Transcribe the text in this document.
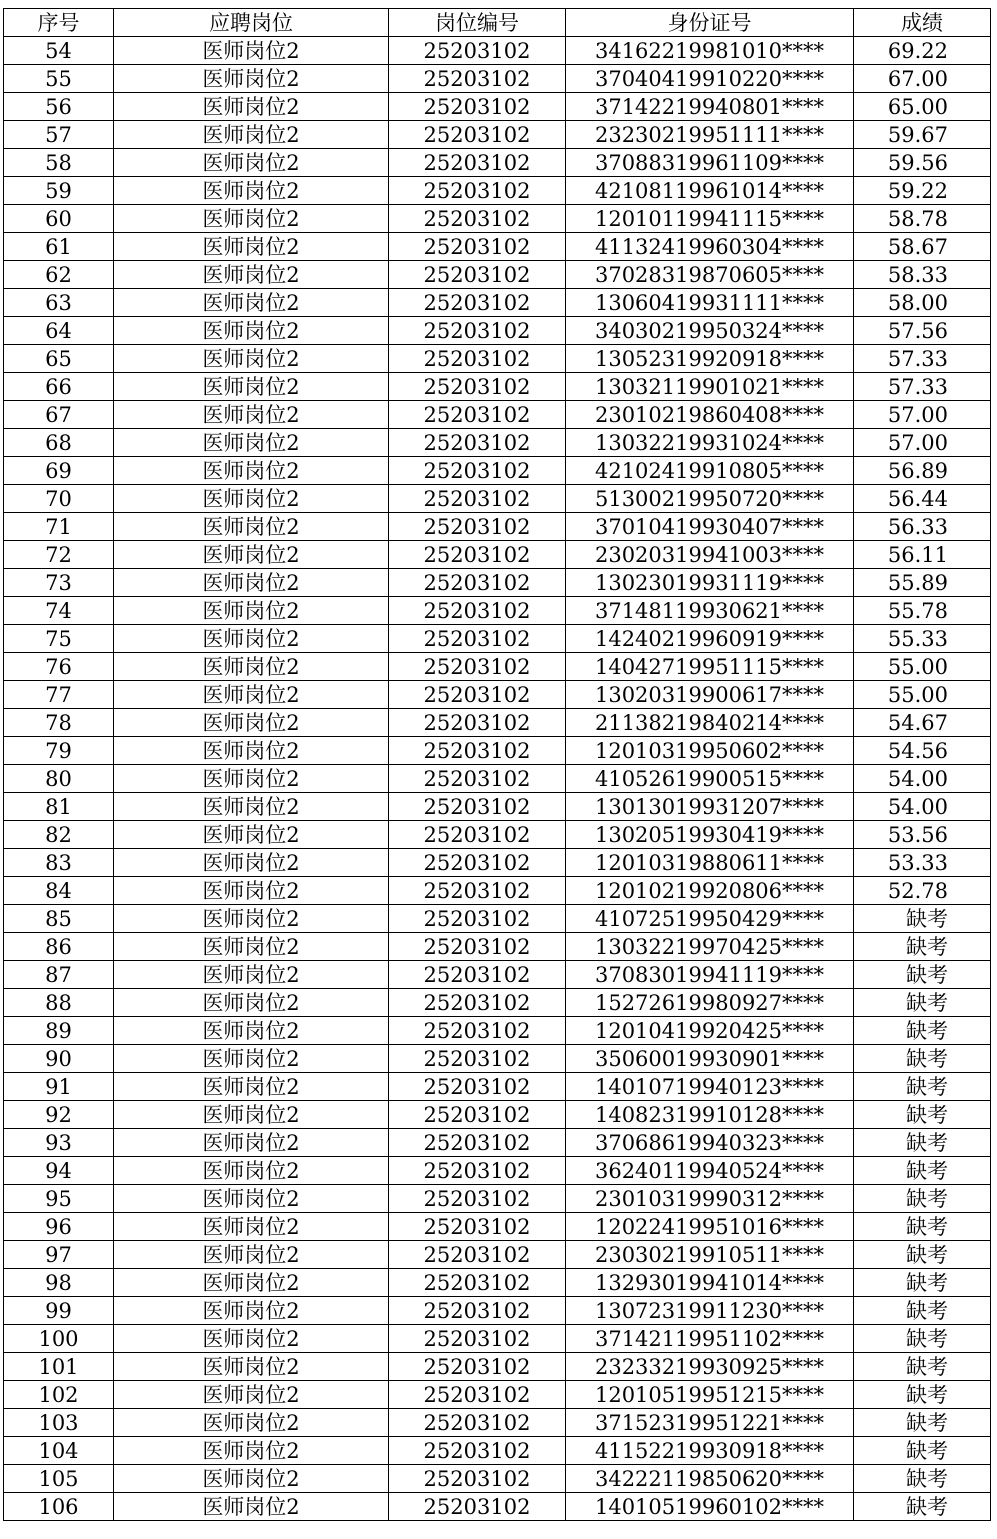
序号	应聘岗位	岗位编号	身份证号	成绩
54	医师岗位2	25203102	34162219981010****	69.22
55	医师岗位2	25203102	37040419910220****	67.00
56	医师岗位2	25203102	37142219940801****	65.00
57	医师岗位2	25203102	23230219951111****	59.67
58	医师岗位2	25203102	37088319961109****	59.56
59	医师岗位2	25203102	42108119961014****	59.22
60	医师岗位2	25203102	12010119941115****	58.78
61	医师岗位2	25203102	41132419960304****	58.67
62	医师岗位2	25203102	37028319870605****	58.33
63	医师岗位2	25203102	13060419931111****	58.00
64	医师岗位2	25203102	34030219950324****	57.56
65	医师岗位2	25203102	13052319920918****	57.33
66	医师岗位2	25203102	13032119901021****	57.33
67	医师岗位2	25203102	23010219860408****	57.00
68	医师岗位2	25203102	13032219931024****	57.00
69	医师岗位2	25203102	42102419910805****	56.89
70	医师岗位2	25203102	51300219950720****	56.44
71	医师岗位2	25203102	37010419930407****	56.33
72	医师岗位2	25203102	23020319941003****	56.11
73	医师岗位2	25203102	13023019931119****	55.89
74	医师岗位2	25203102	37148119930621****	55.78
75	医师岗位2	25203102	14240219960919****	55.33
76	医师岗位2	25203102	14042719951115****	55.00
77	医师岗位2	25203102	13020319900617****	55.00
78	医师岗位2	25203102	21138219840214****	54.67
79	医师岗位2	25203102	12010319950602****	54.56
80	医师岗位2	25203102	41052619900515****	54.00
81	医师岗位2	25203102	13013019931207****	54.00
82	医师岗位2	25203102	13020519930419****	53.56
83	医师岗位2	25203102	12010319880611****	53.33
84	医师岗位2	25203102	12010219920806****	52.78
85	医师岗位2	25203102	41072519950429****	缺考
86	医师岗位2	25203102	13032219970425****	缺考
87	医师岗位2	25203102	37083019941119****	缺考
88	医师岗位2	25203102	15272619980927****	缺考
89	医师岗位2	25203102	12010419920425****	缺考
90	医师岗位2	25203102	35060019930901****	缺考
91	医师岗位2	25203102	14010719940123****	缺考
92	医师岗位2	25203102	14082319910128****	缺考
93	医师岗位2	25203102	37068619940323****	缺考
94	医师岗位2	25203102	36240119940524****	缺考
95	医师岗位2	25203102	23010319990312****	缺考
96	医师岗位2	25203102	12022419951016****	缺考
97	医师岗位2	25203102	23030219910511****	缺考
98	医师岗位2	25203102	13293019941014****	缺考
99	医师岗位2	25203102	13072319911230****	缺考
100	医师岗位2	25203102	37142119951102****	缺考
101	医师岗位2	25203102	23233219930925****	缺考
102	医师岗位2	25203102	12010519951215****	缺考
103	医师岗位2	25203102	37152319951221****	缺考
104	医师岗位2	25203102	41152219930918****	缺考
105	医师岗位2	25203102	34222119850620****	缺考
106	医师岗位2	25203102	14010519960102****	缺考
